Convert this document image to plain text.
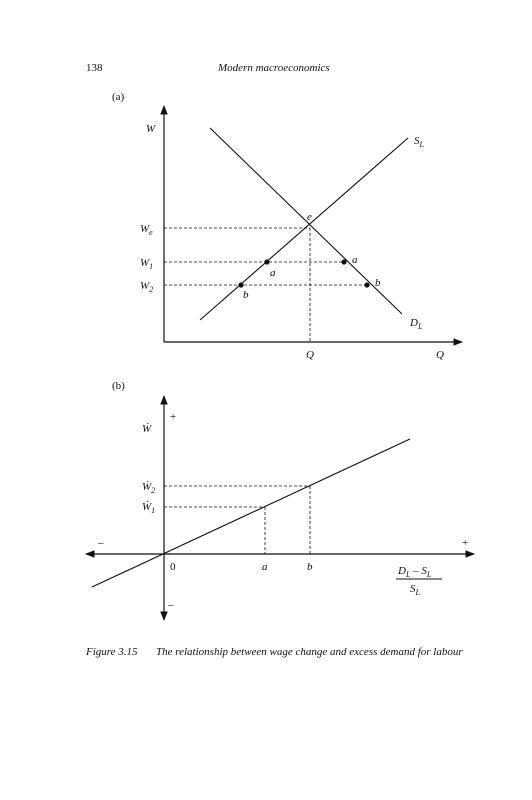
138	Modern macroeconomics
(a)
W
$S_L$
$D_L$
$W_e$
$W_1$
$W_2$
e
a
a
b
b
Q	Q
(b)
Ẇ
+
–
–	+
0
Ẇ$_2$
Ẇ$_1$
a	b	$D_L - S_L$
$S_L$
Figure 3.15 The relationship between wage change and excess demand for labour
